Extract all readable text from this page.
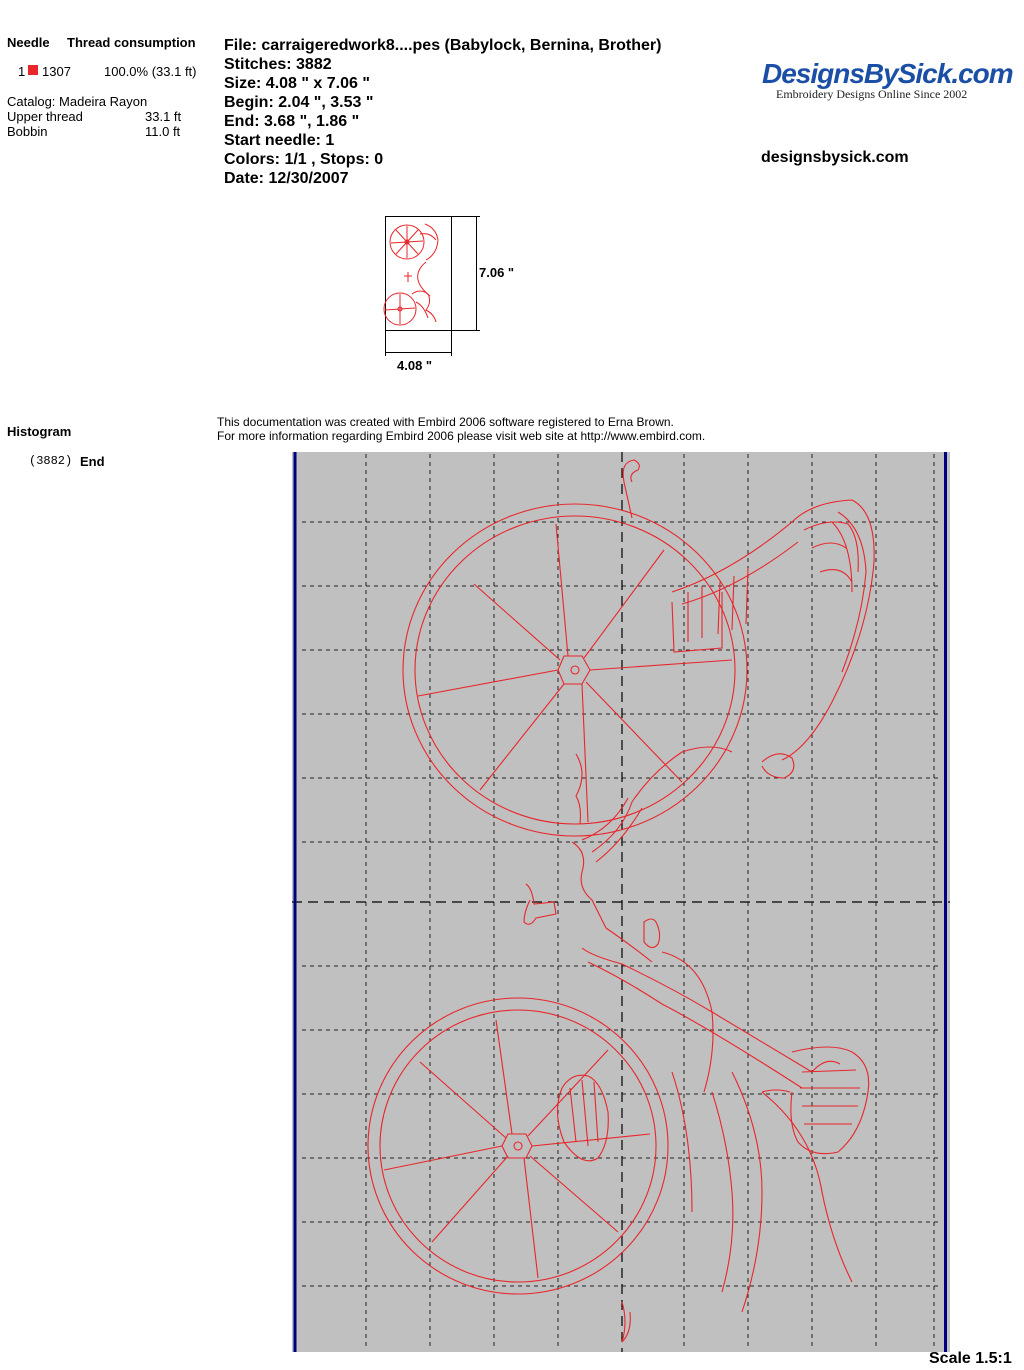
Needle Thread consumption
1 1307	100.0% (33.1 ft)
Catalog: Madeira Rayon
Upper thread	33.1 ft
Bobbin	11.0 ft
Histogram
(3882) End
File: carraigeredwork8....pes (Babylock, Bernina, Brother)
Stitches: 3882
Size: 4.08 " x 7.06 "
Begin: 2.04 ", 3.53 "
End: 3.68 ", 1.86 "
Start needle: 1
Colors: 1/1 , Stops: 0
Date: 12/30/2007
DesignsBySick.com
Embroidery Designs Online Since 2002
designsbysick.com
7.06 "
4.08 "
This documentation was created with Embird 2006 software registered to Erna Brown.
For more information regarding Embird 2006 please visit web site at http://www.embird.com.
Scale 1.5:1
